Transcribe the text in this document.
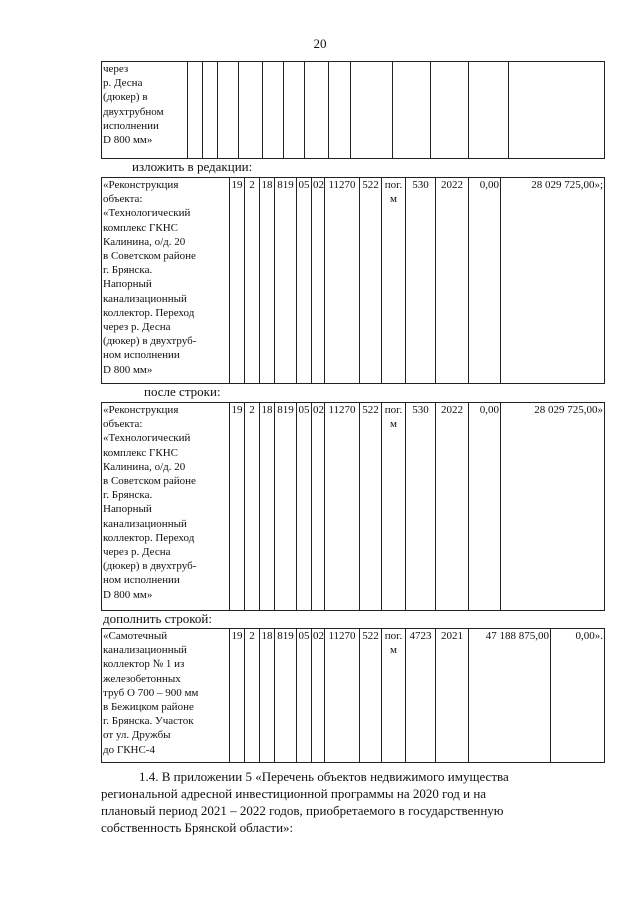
20
через
р. Десна
(дюкер) в
двухтрубном
исполнении
D 800 мм»

изложить в редакции:
«Реконструкция
объекта:
«Технологический
комплекс ГКНС
Калинина, о/д. 20
в Советском районе
г. Брянска.
Напорный
канализационный
коллектор. Переход
через р. Десна
(дюкер) в двухтруб-
ном исполнении
D 800 мм»
	19	2	18	819	05	02	11270	522	пог.
м
	530	2022	0,00	28 029 725,00»;
после строки:
«Реконструкция
объекта:
«Технологический
комплекс ГКНС
Калинина, о/д. 20
в Советском районе
г. Брянска.
Напорный
канализационный
коллектор. Переход
через р. Десна
(дюкер) в двухтруб-
ном исполнении
D 800 мм»
	19	2	18	819	05	02	11270	522	пог.
м
	530	2022	0,00	28 029 725,00»
дополнить строкой:
«Самотечный
канализационный
коллектор № 1 из
железобетонных
труб O 700 – 900 мм
в Бежицком районе
г. Брянска. Участок
от ул. Дружбы
до ГКНС-4
	19	2	18	819	05	02	11270	522	пог.
м
	4723	2021	47 188 875,00	0,00».
1.4. В приложении 5 «Перечень объектов недвижимого имущества
региональной адресной инвестиционной программы на 2020 год и на
плановый период 2021 – 2022 годов, приобретаемого в государственную
собственность Брянской области»:
